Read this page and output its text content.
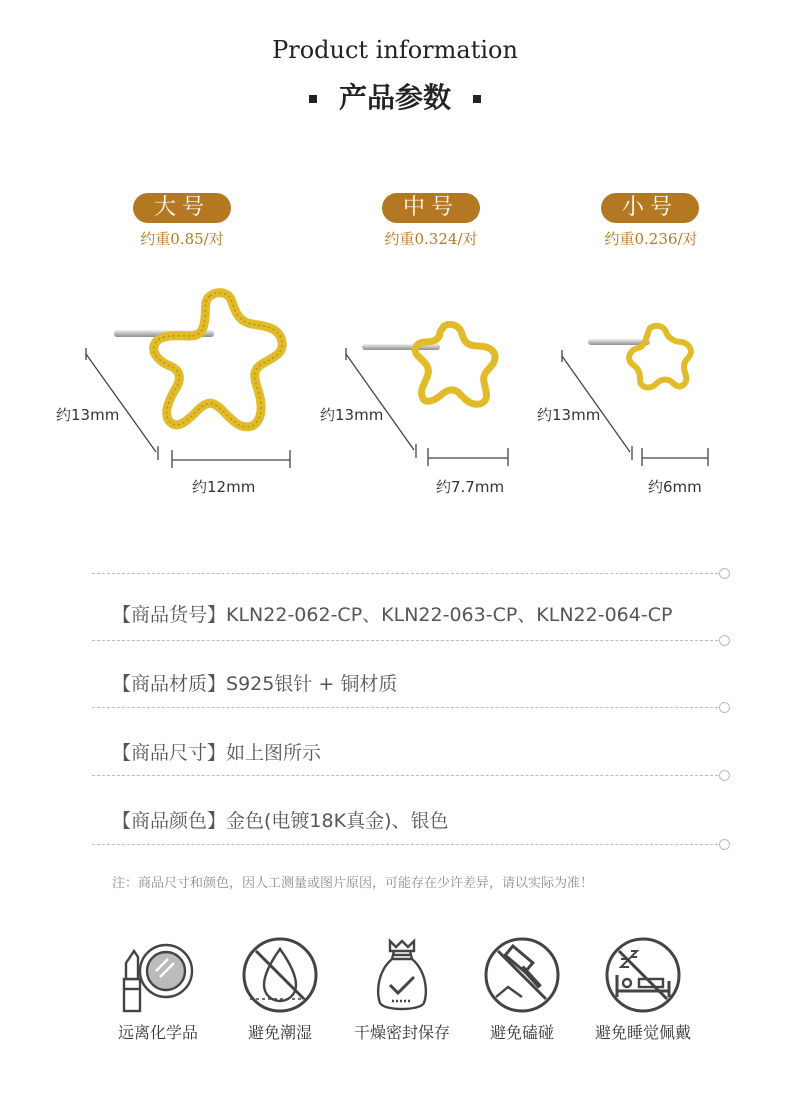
Product information
产品参数
大号
约重0.85/对
中号
约重0.324/对
小号
约重0.236/对
约13mm
约12mm
约13mm
约7.7mm
约13mm
约6mm
【商品货号】KLN22-062-CP、KLN22-063-CP、KLN22-064-CP
【商品材质】S925银针 + 铜材质
【商品尺寸】如上图所示
【商品颜色】金色(电镀18K真金)、银色
注：商品尺寸和颜色，因人工测量或图片原因，可能存在少许差异，请以实际为准！
远离化学品	避免潮湿	干燥密封保存	避免磕碰	避免睡觉佩戴
